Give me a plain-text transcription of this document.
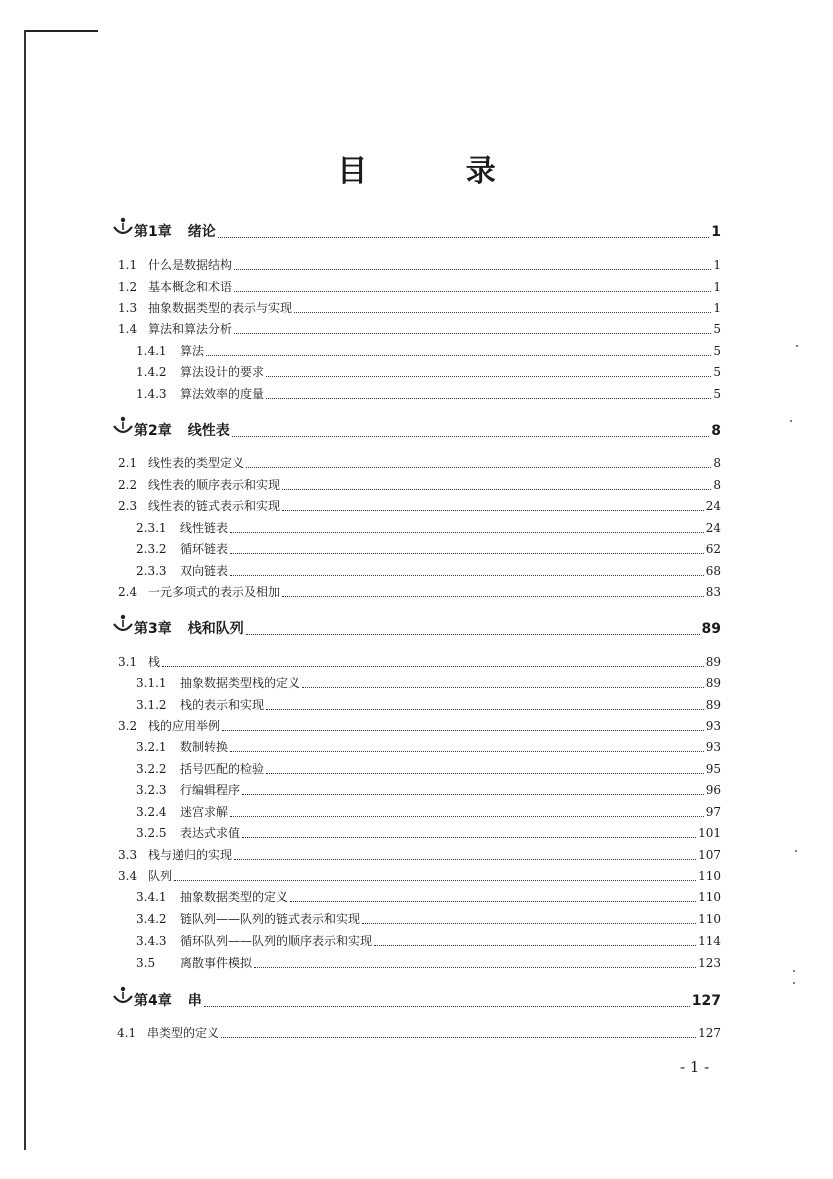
目 录
第1章 绪论	1
1.1 什么是数据结构	1
1.2 基本概念和术语	1
1.3 抽象数据类型的表示与实现	1
1.4 算法和算法分析	5
1.4.1	算法	5
1.4.2	算法设计的要求	5
1.4.3	算法效率的度量	5
第2章 线性表	8
2.1 线性表的类型定义	8
2.2 线性表的顺序表示和实现	8
2.3 线性表的链式表示和实现	24
2.3.1	线性链表	24
2.3.2	循环链表	62
2.3.3	双向链表	68
2.4 一元多项式的表示及相加	83
第3章 栈和队列	89
3.1 栈	89
3.1.1	抽象数据类型栈的定义	89
3.1.2	栈的表示和实现	89
3.2 栈的应用举例	93
3.2.1	数制转换	93
3.2.2	括号匹配的检验	95
3.2.3	行编辑程序	96
3.2.4	迷宫求解	97
3.2.5	表达式求值	101
3.3 栈与递归的实现	107
3.4 队列	110
3.4.1	抽象数据类型的定义	110
3.4.2	链队列——队列的链式表示和实现	110
3.4.3	循环队列——队列的顺序表示和实现	114
3.5	离散事件模拟	123
第4章 串	127
4.1 串类型的定义	127
- 1 -
